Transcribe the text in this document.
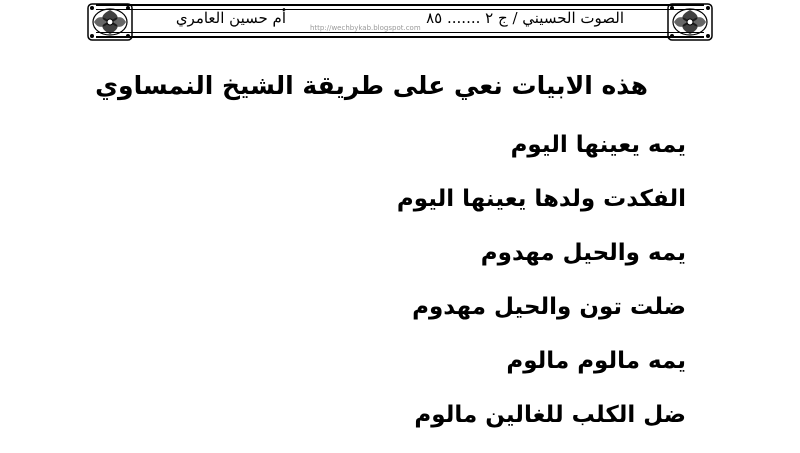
الصوت الحسيني / ج ٢ ....... ٨٥
أم حسين العامري
http://wechbykab.blogspot.com
هذه الابيات نعي على طريقة الشيخ النمساوي
يمه يعينها اليوم
الفكدت ولدها يعينها اليوم
يمه والحيل مهدوم
ضلت تون والحيل مهدوم
يمه مالوم مالوم
ضل الكلب للغالين مالوم
